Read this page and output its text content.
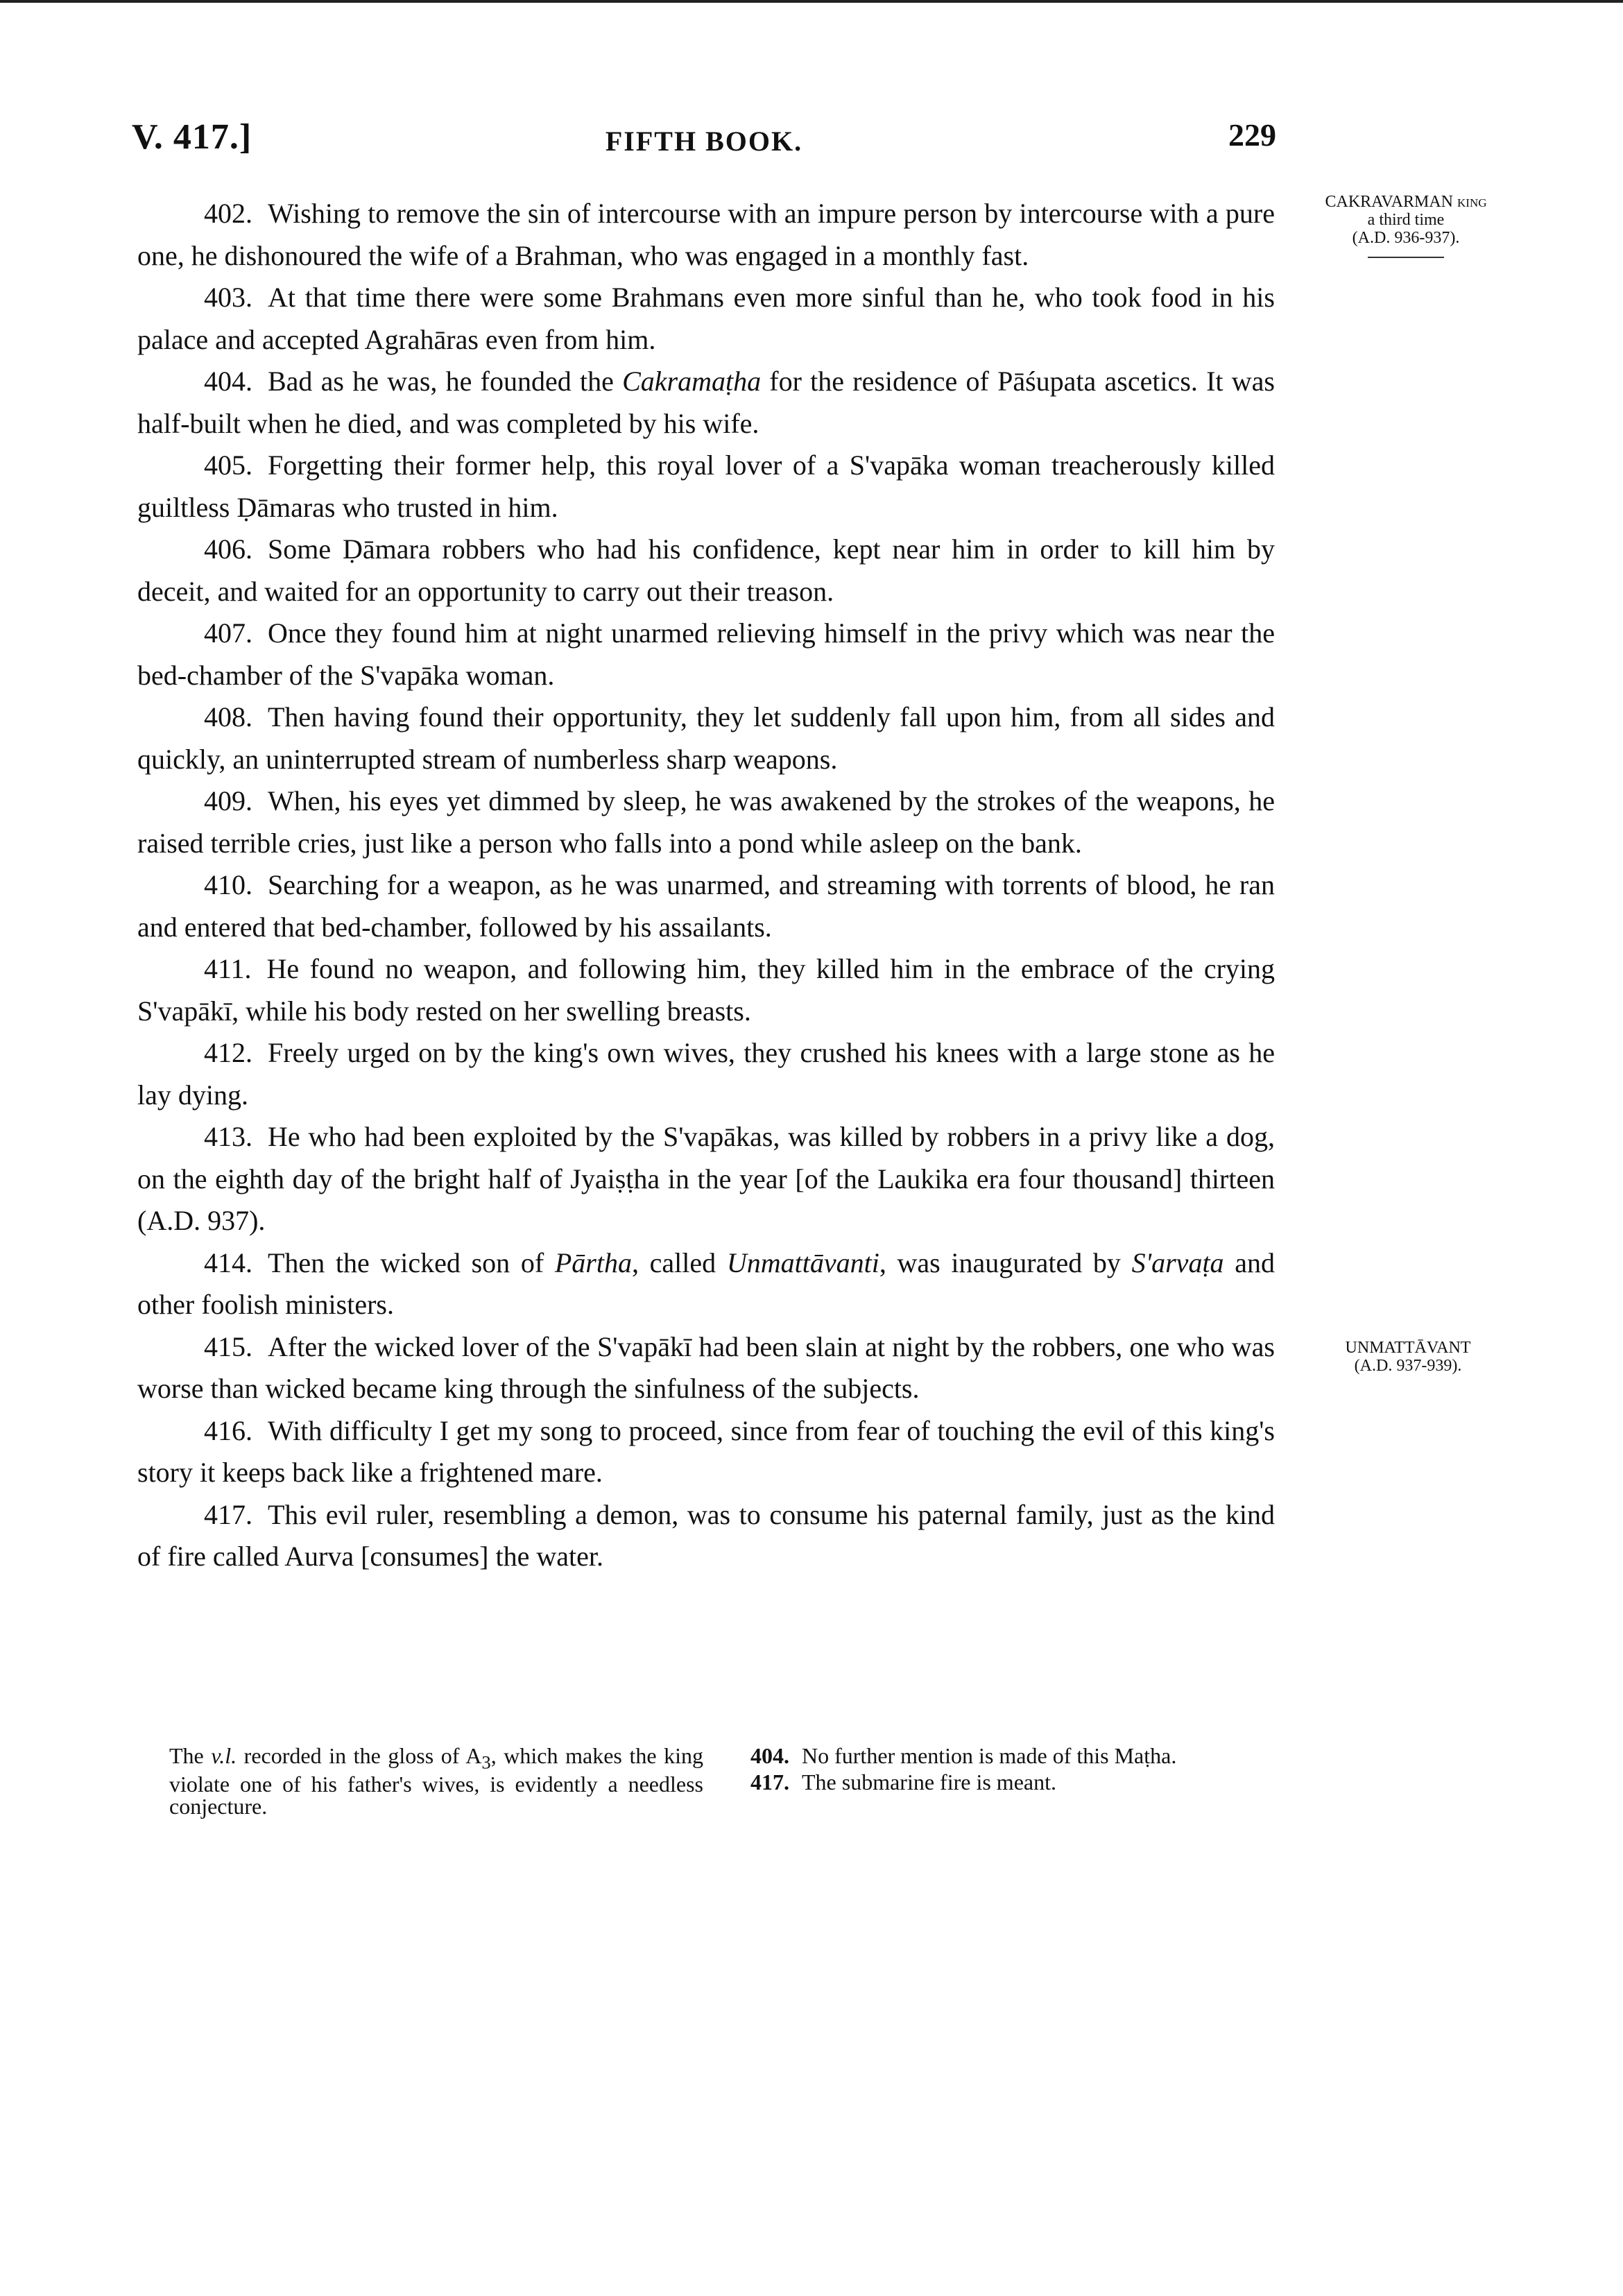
V. 417.]	FIFTH BOOK.	229
CAKRAVARMAN king
a third time
(A.D. 936-937).
UNMATTĀVANT
(A.D. 937-939).

402. Wishing to remove the sin of intercourse with an impure person by intercourse with a pure one, he dishonoured the wife of a Brahman, who was engaged in a monthly fast.

403. At that time there were some Brahmans even more sinful than he, who took food in his palace and accepted Agrahāras even from him.

404. Bad as he was, he founded the Cakramaṭha for the residence of Pāśupata ascetics. It was half-built when he died, and was completed by his wife.

405. Forgetting their former help, this royal lover of a S'vapāka woman treacherously killed guiltless Ḍāmaras who trusted in him.

406. Some Ḍāmara robbers who had his confidence, kept near him in order to kill him by deceit, and waited for an opportunity to carry out their treason.

407. Once they found him at night unarmed relieving himself in the privy which was near the bed-chamber of the S'vapāka woman.

408. Then having found their opportunity, they let suddenly fall upon him, from all sides and quickly, an uninterrupted stream of numberless sharp weapons.

409. When, his eyes yet dimmed by sleep, he was awakened by the strokes of the weapons, he raised terrible cries, just like a person who falls into a pond while asleep on the bank.

410. Searching for a weapon, as he was unarmed, and streaming with torrents of blood, he ran and entered that bed-chamber, followed by his assailants.

411. He found no weapon, and following him, they killed him in the embrace of the crying S'vapākī, while his body rested on her swelling breasts.

412. Freely urged on by the king's own wives, they crushed his knees with a large stone as he lay dying.

413. He who had been exploited by the S'vapākas, was killed by robbers in a privy like a dog, on the eighth day of the bright half of Jyaiṣṭha in the year [of the Laukika era four thousand] thirteen (A.D. 937).

414. Then the wicked son of Pārtha, called Unmattāvanti, was inaugurated by S'arvaṭa and other foolish ministers.

415. After the wicked lover of the S'vapākī had been slain at night by the robbers, one who was worse than wicked became king through the sinfulness of the subjects.

416. With difficulty I get my song to proceed, since from fear of touching the evil of this king's story it keeps back like a frightened mare.

417. This evil ruler, resembling a demon, was to consume his paternal family, just as the kind of fire called Aurva [consumes] the water.

The v.l. recorded in the gloss of $A_3$, which makes the king violate one of his father's wives, is evidently a needless conjecture.
404. No further mention is made of this Maṭha.
417. The submarine fire is meant.
